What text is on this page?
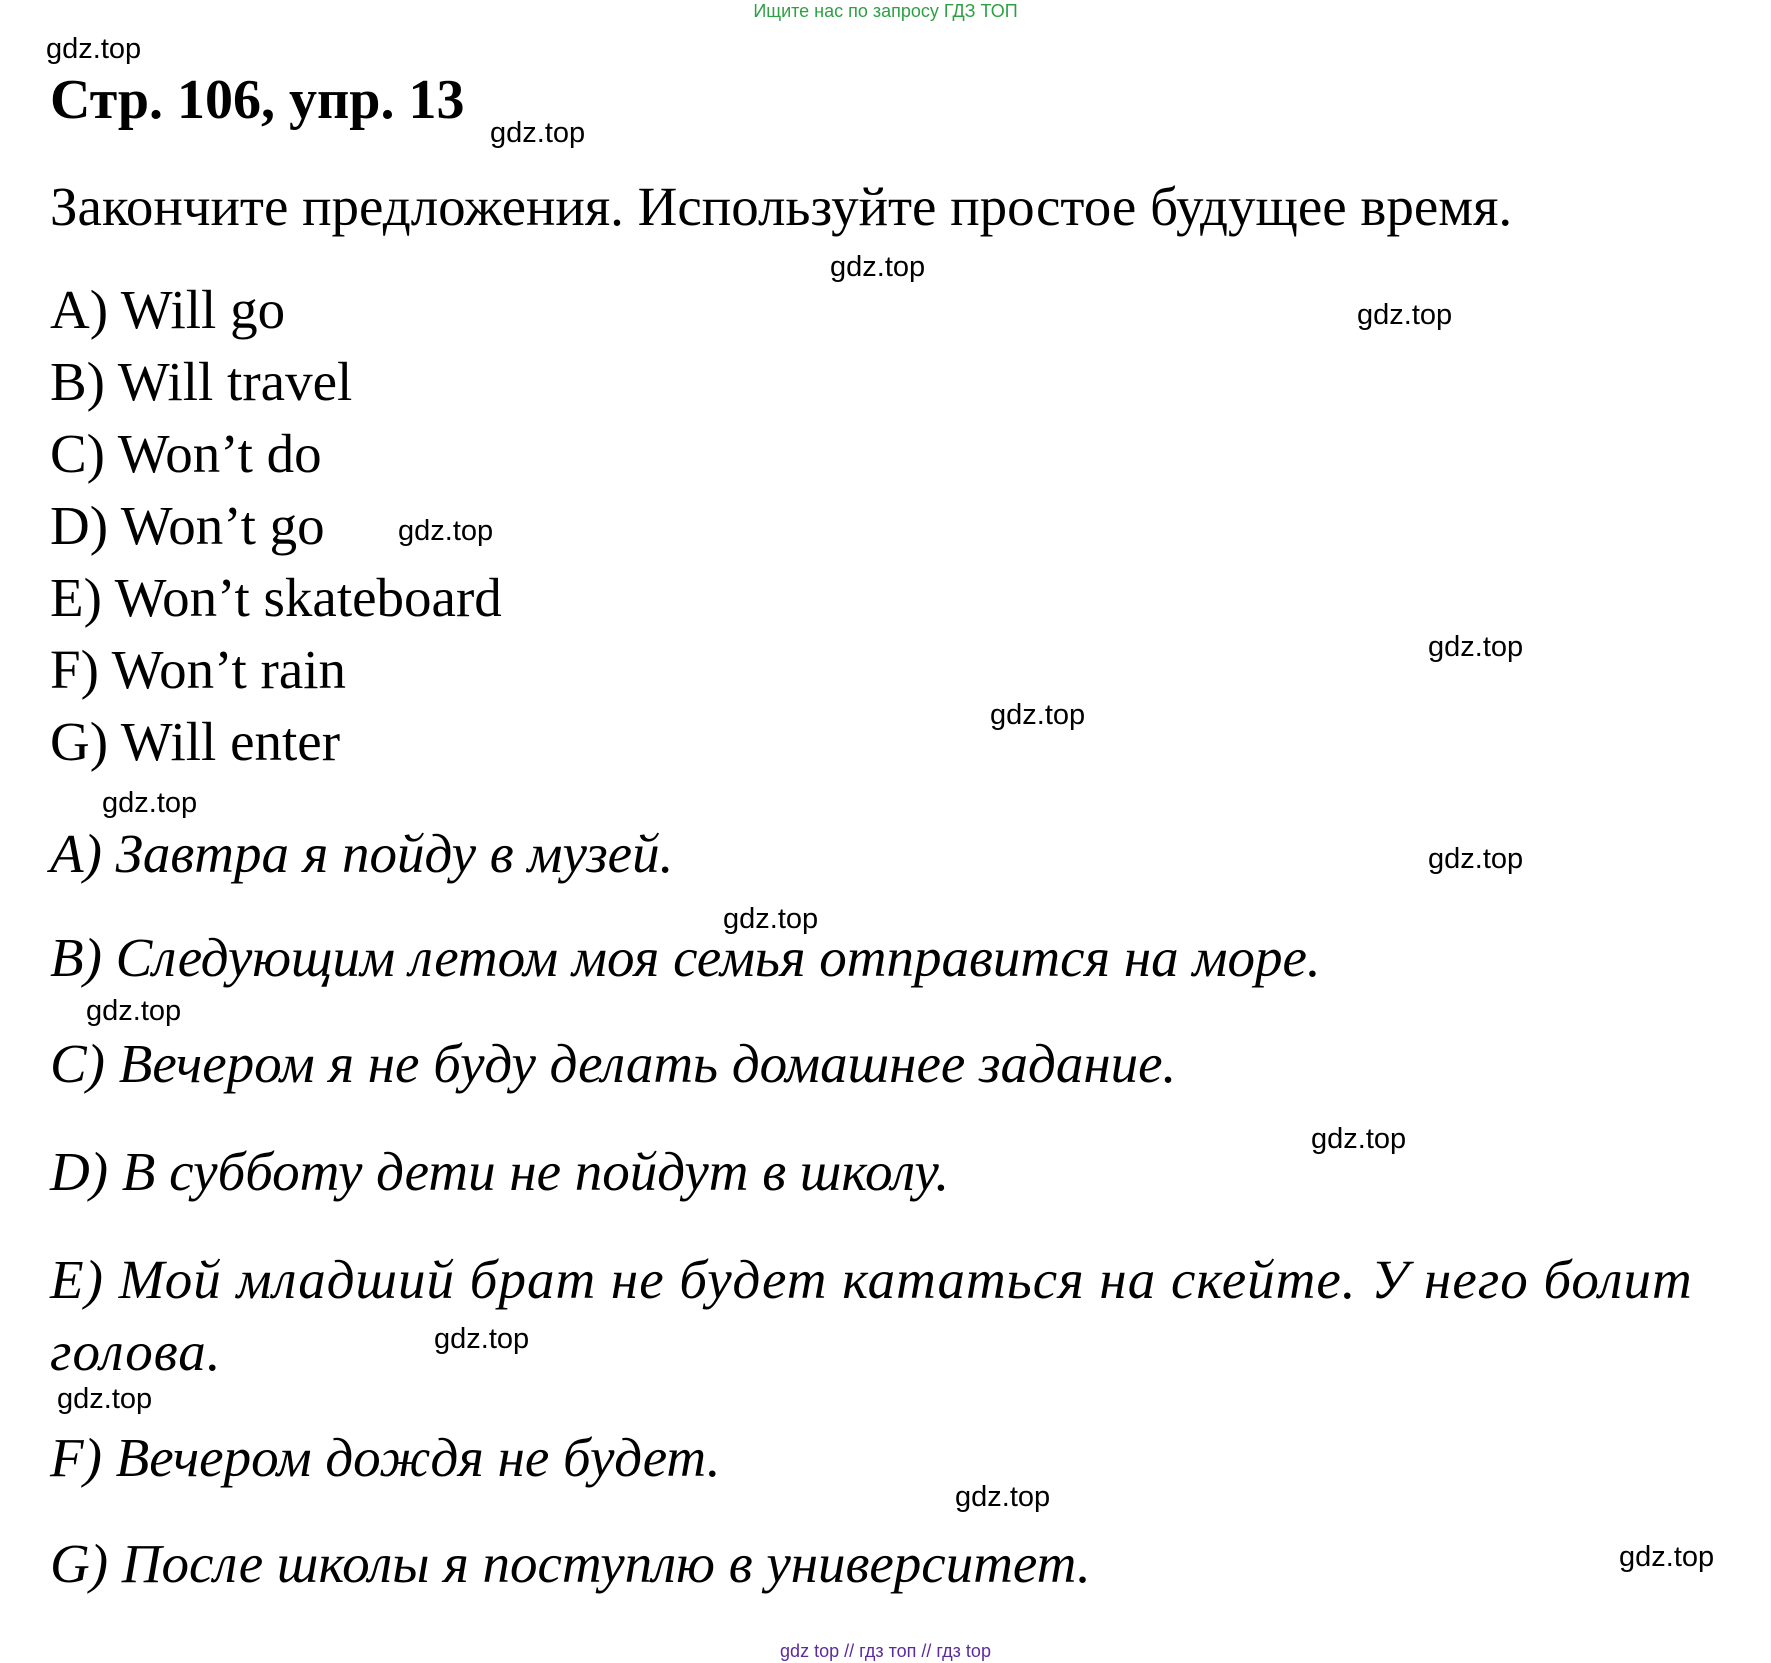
Ищите нас по запросу ГДЗ ТОП
gdz.top
gdz.top
gdz.top
gdz.top
gdz.top
gdz.top
gdz.top
gdz.top
gdz.top
gdz.top
gdz.top
gdz.top
gdz.top
gdz.top
gdz.top
gdz.top
Стр. 106, упр. 13
Закончите предложения. Используйте простое будущее время.
A) Will go
B) Will travel
C) Won’t do
D) Won’t go
E) Won’t skateboard
F) Won’t rain
G) Will enter
A) Завтра я пойду в музей.
B) Следующим летом моя семья отправится на море.
C) Вечером я не буду делать домашнее задание.
D) В субботу дети не пойдут в школу.
E) Мой младший брат не будет кататься на скейте. У него болит голова.
F) Вечером дождя не будет.
G) После школы я поступлю в университет.
gdz top // гдз топ // гдз top
